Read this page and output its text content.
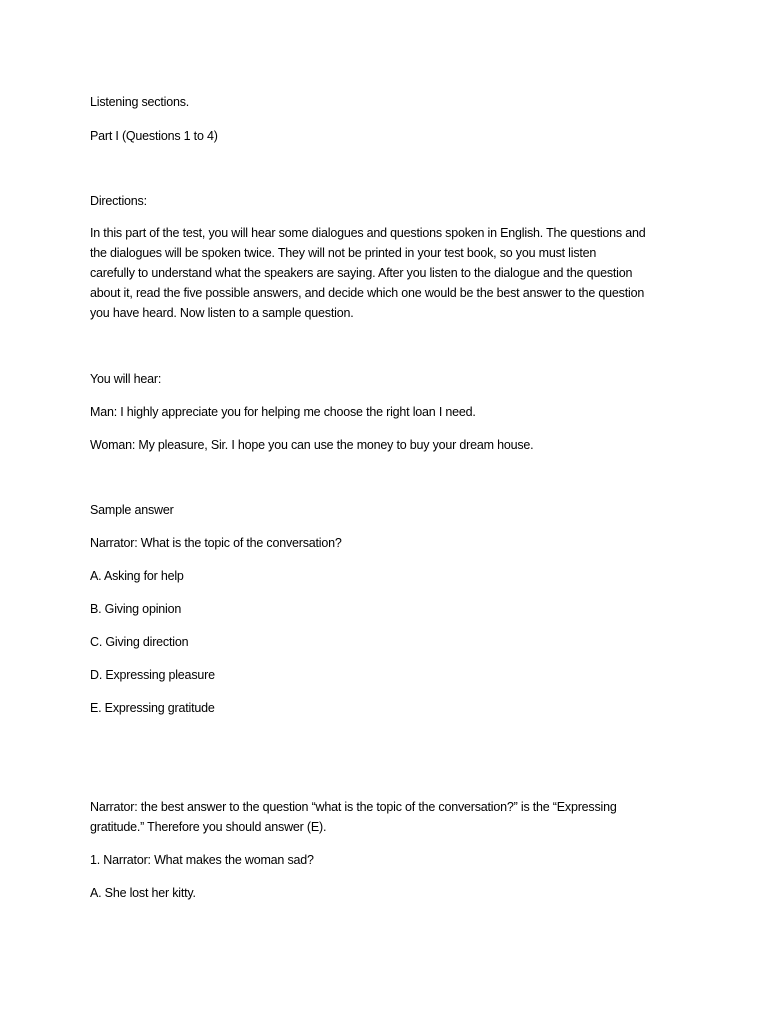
Listening sections.
Part I (Questions 1 to 4)
Directions:
In this part of the test, you will hear some dialogues and questions spoken in English. The questions and
the dialogues will be spoken twice. They will not be printed in your test book, so you must listen
carefully to understand what the speakers are saying. After you listen to the dialogue and the question
about it, read the five possible answers, and decide which one would be the best answer to the question
you have heard. Now listen to a sample question.
You will hear:
Man: I highly appreciate you for helping me choose the right loan I need.
Woman: My pleasure, Sir. I hope you can use the money to buy your dream house.
Sample answer
Narrator: What is the topic of the conversation?
A. Asking for help
B. Giving opinion
C. Giving direction
D. Expressing pleasure
E. Expressing gratitude
Narrator: the best answer to the question “what is the topic of the conversation?” is the “Expressing
gratitude.” Therefore you should answer (E).
1. Narrator: What makes the woman sad?
A. She lost her kitty.
